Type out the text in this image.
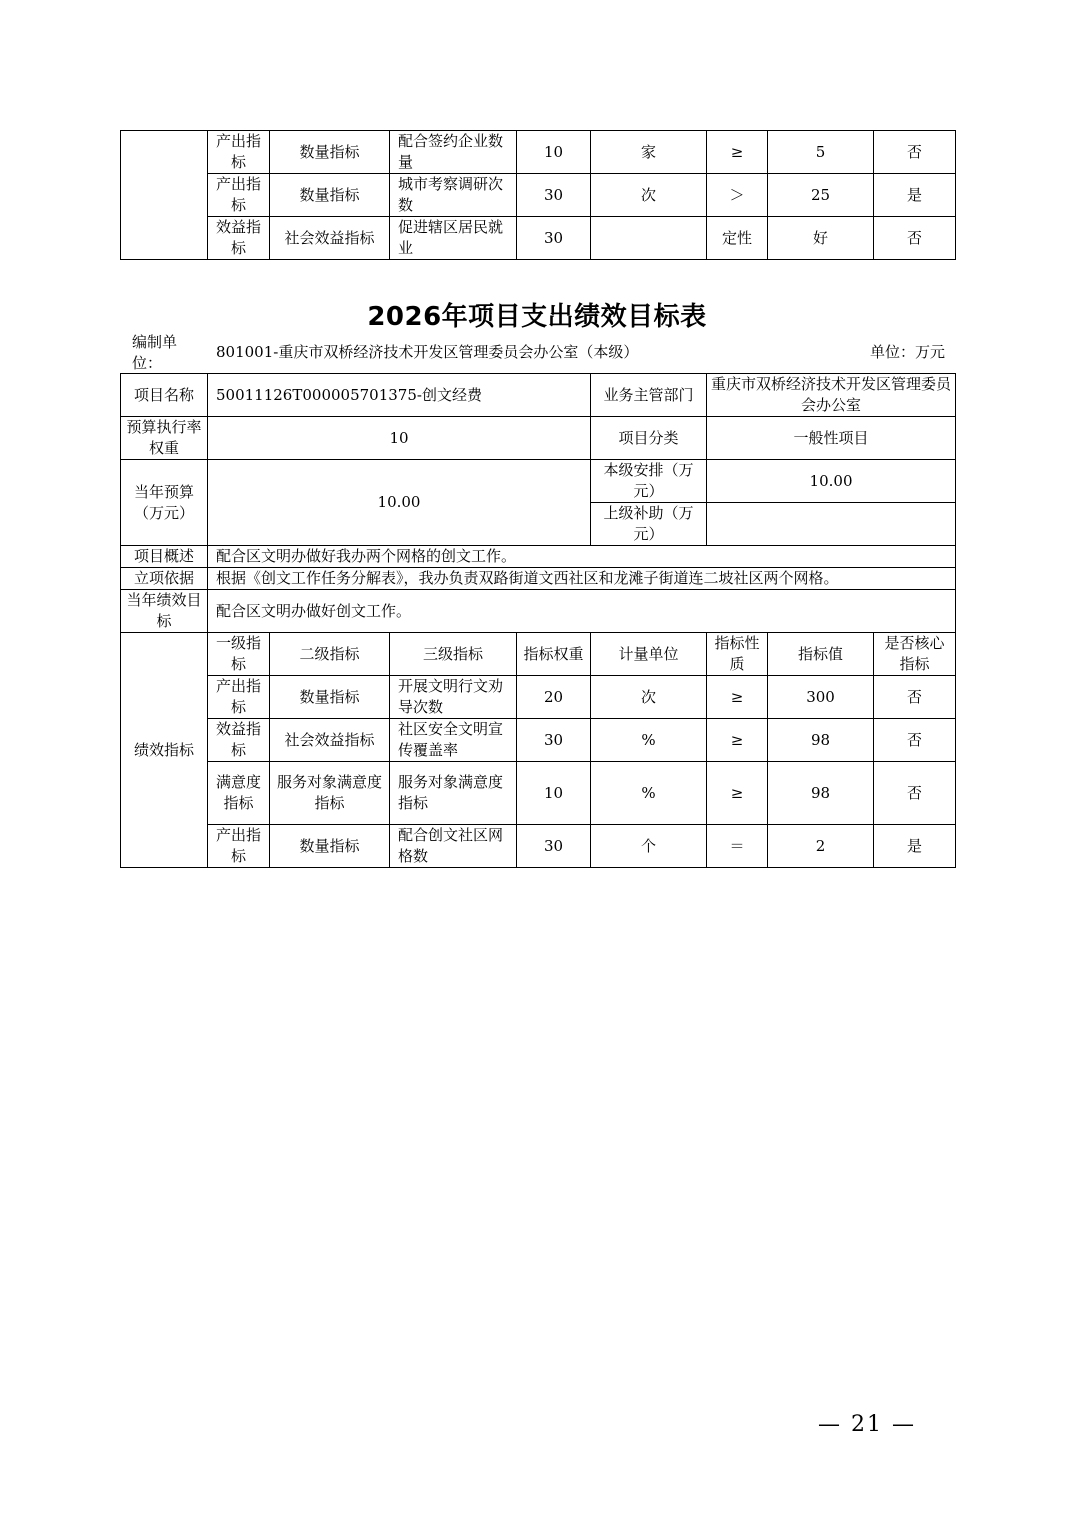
	产出指标	数量指标	配合签约企业数量	10	家	≥	5	否
	产出指标	数量指标	城市考察调研次数	30	次	＞	25	是
	效益指标	社会效益指标	促进辖区居民就业	30		定性	好	否
2026年项目支出绩效目标表
编制单位：
801001-重庆市双桥经济技术开发区管理委员会办公室（本级）	单位：万元
项目名称	50011126T000005701375-创文经费				业务主管部门	重庆市双桥经济技术开发区管理委员会办公室		
预算执行率权重	10				项目分类	一般性项目		
当年预算（万元）	10.00				本级安排（万元）	10.00		
					上级补助（万元）			
项目概述	配合区文明办做好我办两个网格的创文工作。							
立项依据	根据《创文工作任务分解表》，我办负责双路街道文西社区和龙滩子街道连二坡社区两个网格。							
当年绩效目标	配合区文明办做好创文工作。							
绩效指标	一级指标	二级指标	三级指标	指标权重	计量单位	指标性质	指标值	是否核心指标
	产出指标	数量指标	开展文明行文劝导次数	20	次	≥	300	否
	效益指标	社会效益指标	社区安全文明宣传覆盖率	30	%	≥	98	否
	满意度指标	服务对象满意度指标	服务对象满意度指标	10	%	≥	98	否
	产出指标	数量指标	配合创文社区网格数	30	个	＝	2	是
— 21 —
